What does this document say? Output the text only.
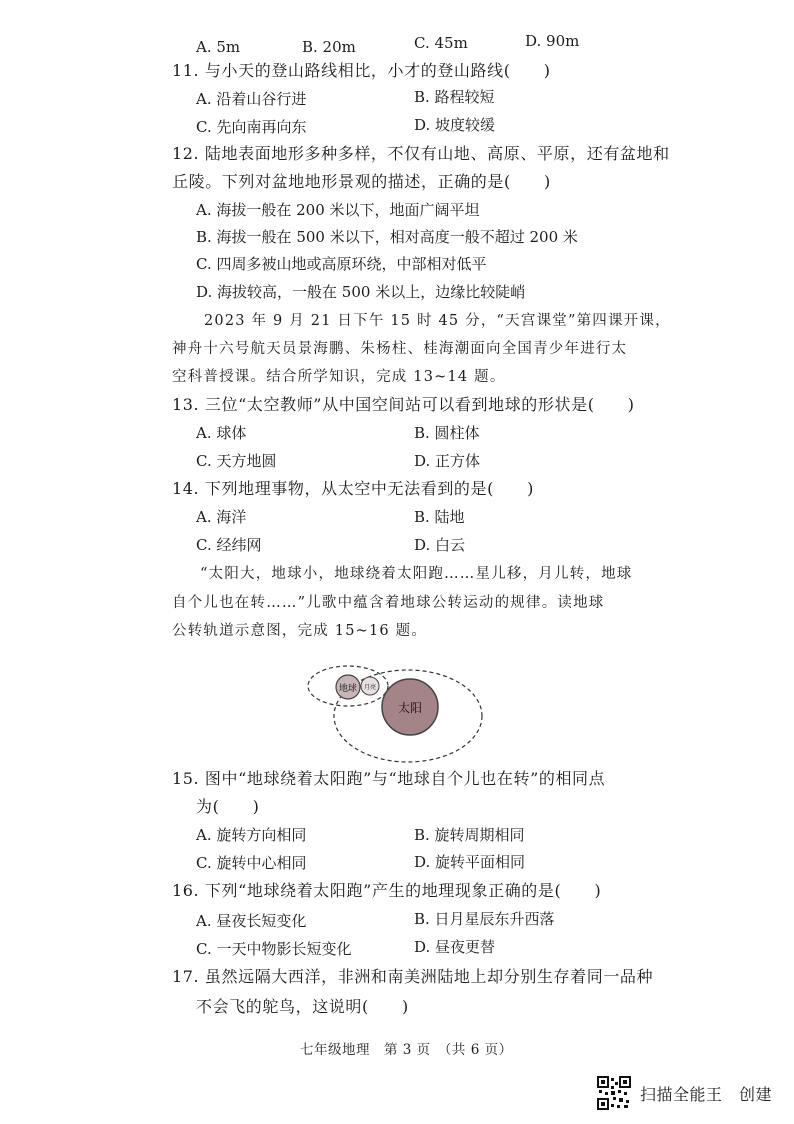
A. 5m	B. 20m	C. 45m	D. 90m
11. 与小天的登山路线相比，小才的登山路线(　　)
A. 沿着山谷行进	B. 路程较短
C. 先向南再向东	D. 坡度较缓
12. 陆地表面地形多种多样，不仅有山地、高原、平原，还有盆地和
丘陵。下列对盆地地形景观的描述，正确的是(　　)
A. 海拔一般在 200 米以下，地面广阔平坦
B. 海拔一般在 500 米以下，相对高度一般不超过 200 米
C. 四周多被山地或高原环绕，中部相对低平
D. 海拔较高，一般在 500 米以上，边缘比较陡峭
2023 年 9 月 21 日下午 15 时 45 分，“天宫课堂”第四课开课，
神舟十六号航天员景海鹏、朱杨柱、桂海潮面向全国青少年进行太
空科普授课。结合所学知识，完成 13~14 题。
13. 三位“太空教师”从中国空间站可以看到地球的形状是(　　)
A. 球体	B. 圆柱体
C. 天方地圆	D. 正方体
14. 下列地理事物，从太空中无法看到的是(　　)
A. 海洋	B. 陆地
C. 经纬网	D. 白云
“太阳大，地球小，地球绕着太阳跑……星儿移，月儿转，地球
自个儿也在转……”儿歌中蕴含着地球公转运动的规律。读地球
公转轨道示意图，完成 15~16 题。
太阳
地球 月亮
15. 图中“地球绕着太阳跑”与“地球自个儿也在转”的相同点
为(　　)
A. 旋转方向相同	B. 旋转周期相同
C. 旋转中心相同	D. 旋转平面相同
16. 下列“地球绕着太阳跑”产生的地理现象正确的是(　　)
A. 昼夜长短变化	B. 日月星辰东升西落
C. 一天中物影长短变化	D. 昼夜更替
17. 虽然远隔大西洋，非洲和南美洲陆地上却分别生存着同一品种
不会飞的鸵鸟，这说明(　　)
七年级地理　第 3 页　（共 6 页）
扫描全能王　创建
